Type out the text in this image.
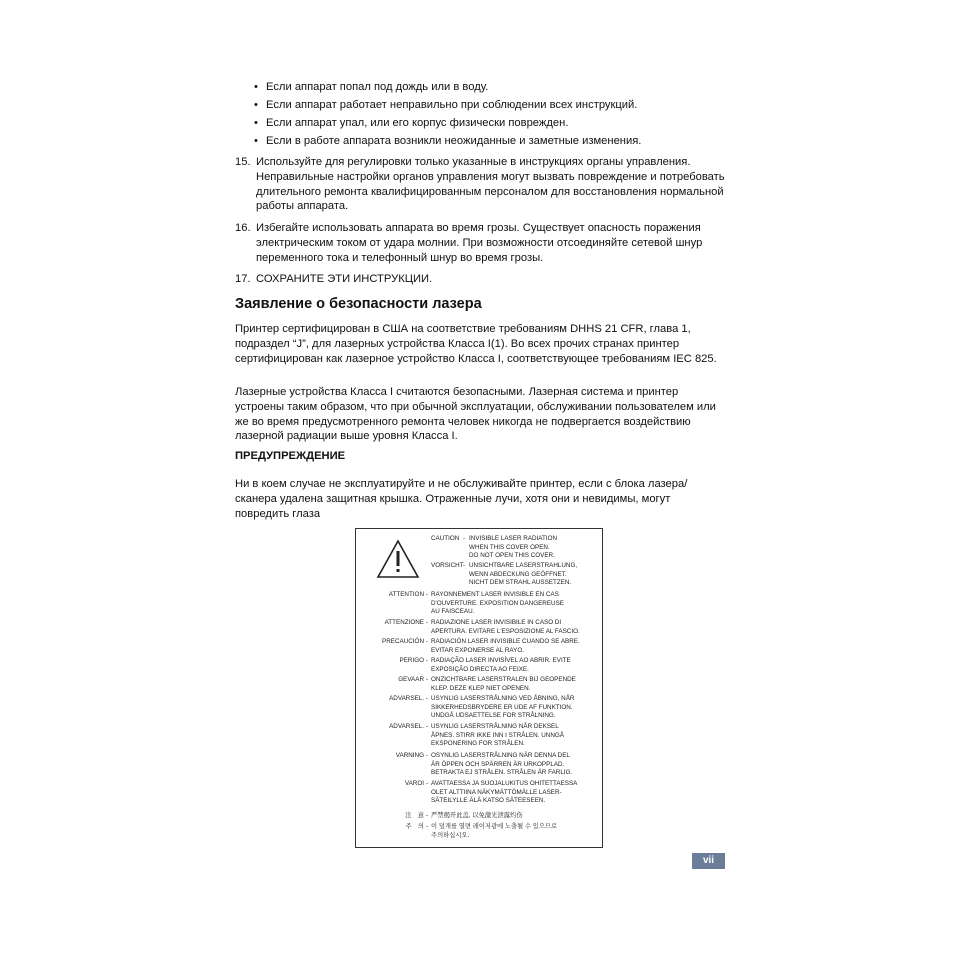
• Если аппарат попал под дождь или в воду.
• Если аппарат работает неправильно при соблюдении всех инструкций.
• Если аппарат упал, или его корпус физически поврежден.
• Если в работе аппарата возникли неожиданные и заметные изменения.
15. Используйте для регулировки только указанные в инструкциях органы управления. Неправильные настройки органов управления могут вызвать повреждение и потребовать длительного ремонта квалифицированным персоналом для восстановления нормальной работы аппарата.
16. Избегайте использовать аппарата во время грозы. Существует опасность поражения электрическим током от удара молнии. При возможности отсоединяйте сетевой шнур переменного тока и телефонный шнур во время грозы.
17. СОХРАНИТЕ ЭТИ ИНСТРУКЦИИ.
Заявление о безопасности лазера

Принтер сертифицирован в США на соответствие требованиям DHHS 21 CFR, глава 1, подраздел “J”, для лазерных устройства Класса I(1). Во всех прочих странах принтер сертифицирован как лазерное устройство Класса I, соответствующее требованиям IEC 825.

Лазерные устройства Класса I считаются безопасными. Лазерная система и принтер устроены таким образом, что при обычной эксплуатации, обслуживании пользователем или же во время предусмотренного ремонта человек никогда не подвергается воздействию лазерной радиации выше уровня Класса I.

ПРЕДУПРЕЖДЕНИЕ

Ни в коем случае не эксплуатируйте и не обслуживайте принтер, если с блока лазера/сканера удалена защитная крышка. Отраженные лучи, хотя они и невидимы, могут повредить глаза

CAUTION - INVISIBLE LASER RADIATION
WHEN THIS COVER OPEN.
DO NOT OPEN THIS COVER.
VORSICHT - UNSICHTBARE LASERSTRAHLUNG,
WENN ABDECKUNG GEÖFFNET.
NICHT DEM STRAHL AUSSETZEN.
ATTENTION - RAYONNEMENT LASER INVISIBLE EN CAS
D'OUVERTURE. EXPOSITION DANGEREUSE
AU FAISCEAU.
ATTENZIONE - RADIAZIONE LASER INVISIBILE IN CASO DI
APERTURA. EVITARE L'ESPOSIZIONE AL FASCIO.
PRECAUCIÓN - RADIACIÓN LASER INVISIBLE CUANDO SE ABRE.
EVITAR EXPONERSE AL RAYO.
PERIGO - RADIAÇÃO LASER INVISÍVEL AO ABRIR. EVITE
EXPOSIÇÃO DIRECTA AO FEIXE.
GEVAAR - ONZICHTBARE LASERSTRALEN BIJ GEOPENDE
KLEP. DEZE KLEP NIET OPENEN.
ADVARSEL. - USYNLIG LASERSTRÅLNING VED ÅBNING, NÅR
SIKKERHEDSBRYDERE ER UDE AF FUNKTION.
UNDGÅ UDSAETTELSE FOR STRÅLNING.
ADVARSEL. - USYNLIG LASERSTRÅLNING NÅR DEKSEL
ÅPNES. STIRR IKKE INN I STRÅLEN. UNNGÅ
EKSPONERING FOR STRÅLEN.
VARNING - OSYNLIG LASERSTRÅLNING NÄR DENNA DEL
ÄR ÖPPEN OCH SPÄRREN ÄR URKOPPLAD.
BETRAKTA EJ STRÅLEN. STRÅLEN ÄR FARLIG.
VAROI - AVATTAESSA JA SUOJALUKITUS OHITETTAESSA
OLET ALTTIINA NÄKYMÄTTÖMÄLLE LASER-
SÄTEILYLLE ÄLÄ KATSO SÄTEESEEN.
注　意 - 严禁揭开此盖, 以免激光泄露灼伤
주　의 - 이 덮개를 열면 레이저광에 노출될 수 있으므로
주의하십시오.
vii
